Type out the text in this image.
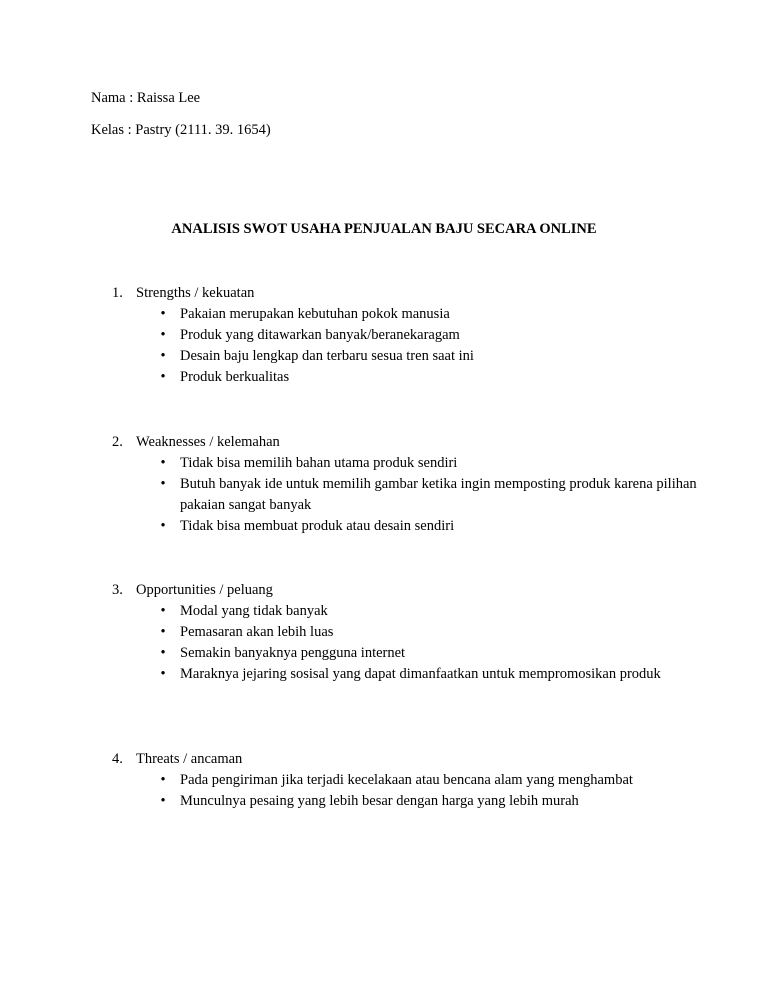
Nama : Raissa Lee
Kelas : Pastry (2111. 39. 1654)
ANALISIS SWOT USAHA PENJUALAN BAJU SECARA ONLINE
1. Strengths / kekuatan
• Pakaian merupakan kebutuhan pokok manusia
• Produk yang ditawarkan banyak/beranekaragam
• Desain baju lengkap dan terbaru sesua tren saat ini
• Produk berkualitas
2. Weaknesses / kelemahan
• Tidak bisa memilih bahan utama produk sendiri
• Butuh banyak ide untuk memilih gambar ketika ingin memposting produk karena pilihan pakaian sangat banyak
• Tidak bisa membuat produk atau desain sendiri
3. Opportunities / peluang
• Modal yang tidak banyak
• Pemasaran akan lebih luas
• Semakin banyaknya pengguna internet
• Maraknya jejaring sosisal yang dapat dimanfaatkan untuk mempromosikan produk
4. Threats / ancaman
• Pada pengiriman jika terjadi kecelakaan atau bencana alam yang menghambat
• Munculnya pesaing yang lebih besar dengan harga yang lebih murah
